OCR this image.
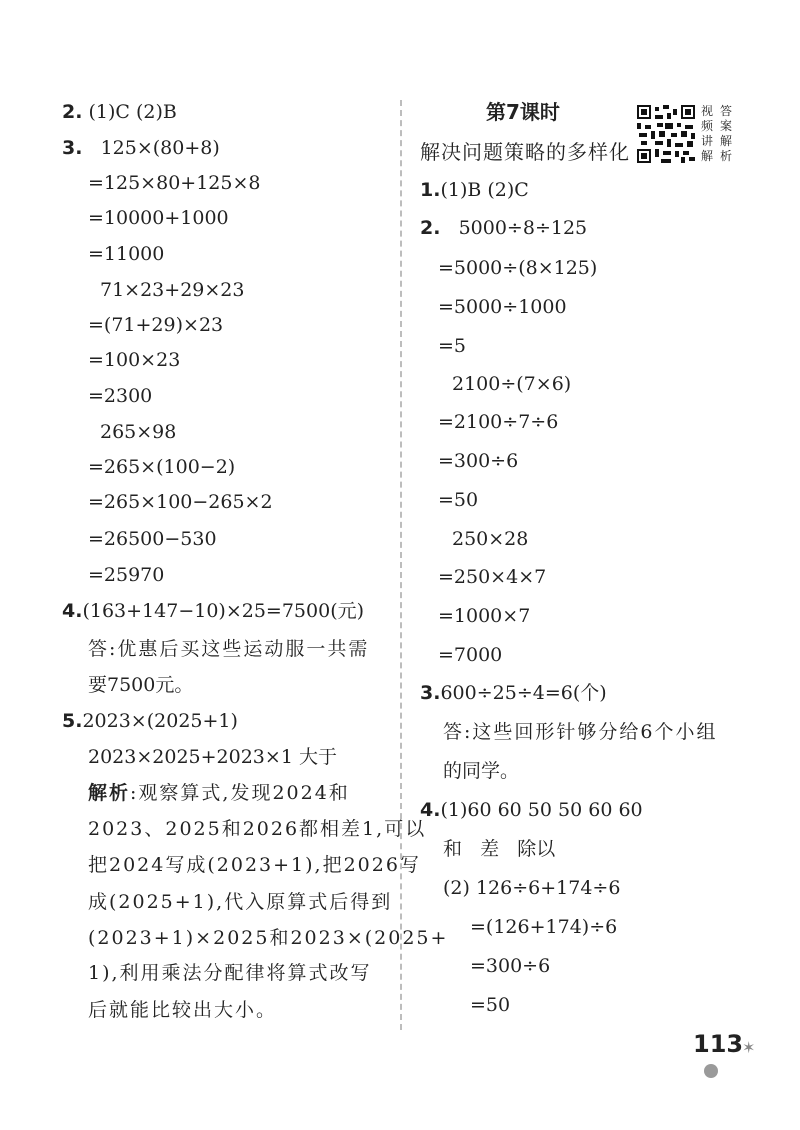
2. (1)C (2)B
3. 125×(80+8)
=125×80+125×8
=10000+1000
=11000
71×23+29×23
=(71+29)×23
=100×23
=2300
265×98
=265×(100−2)
=265×100−265×2
=26500−530
=25970
4.(163+147−10)×25=7500(元)
答:优惠后买这些运动服一共需
要7500元。
5.2023×(2025+1)
2023×2025+2023×1 大于
解析:观察算式,发现2024和
2023、2025和2026都相差1,可以
把2024写成(2023+1),把2026写
成(2025+1),代入原算式后得到
(2023+1)×2025和2023×(2025+
1),利用乘法分配律将算式改写
后就能比较出大小。
第7课时
解决问题策略的多样化
视
频
讲
解
答
案
解
析
1.(1)B (2)C
2. 5000÷8÷125
=5000÷(8×125)
=5000÷1000
=5
2100÷(7×6)
=2100÷7÷6
=300÷6
=50
250×28
=250×4×7
=1000×7
=7000
3.600÷25÷4=6(个)
答:这些回形针够分给6个小组
的同学。
4.(1)60 60 50 50 60 60
和   差   除以
(2) 126÷6+174÷6
=(126+174)÷6
=300÷6
=50
113
✶
